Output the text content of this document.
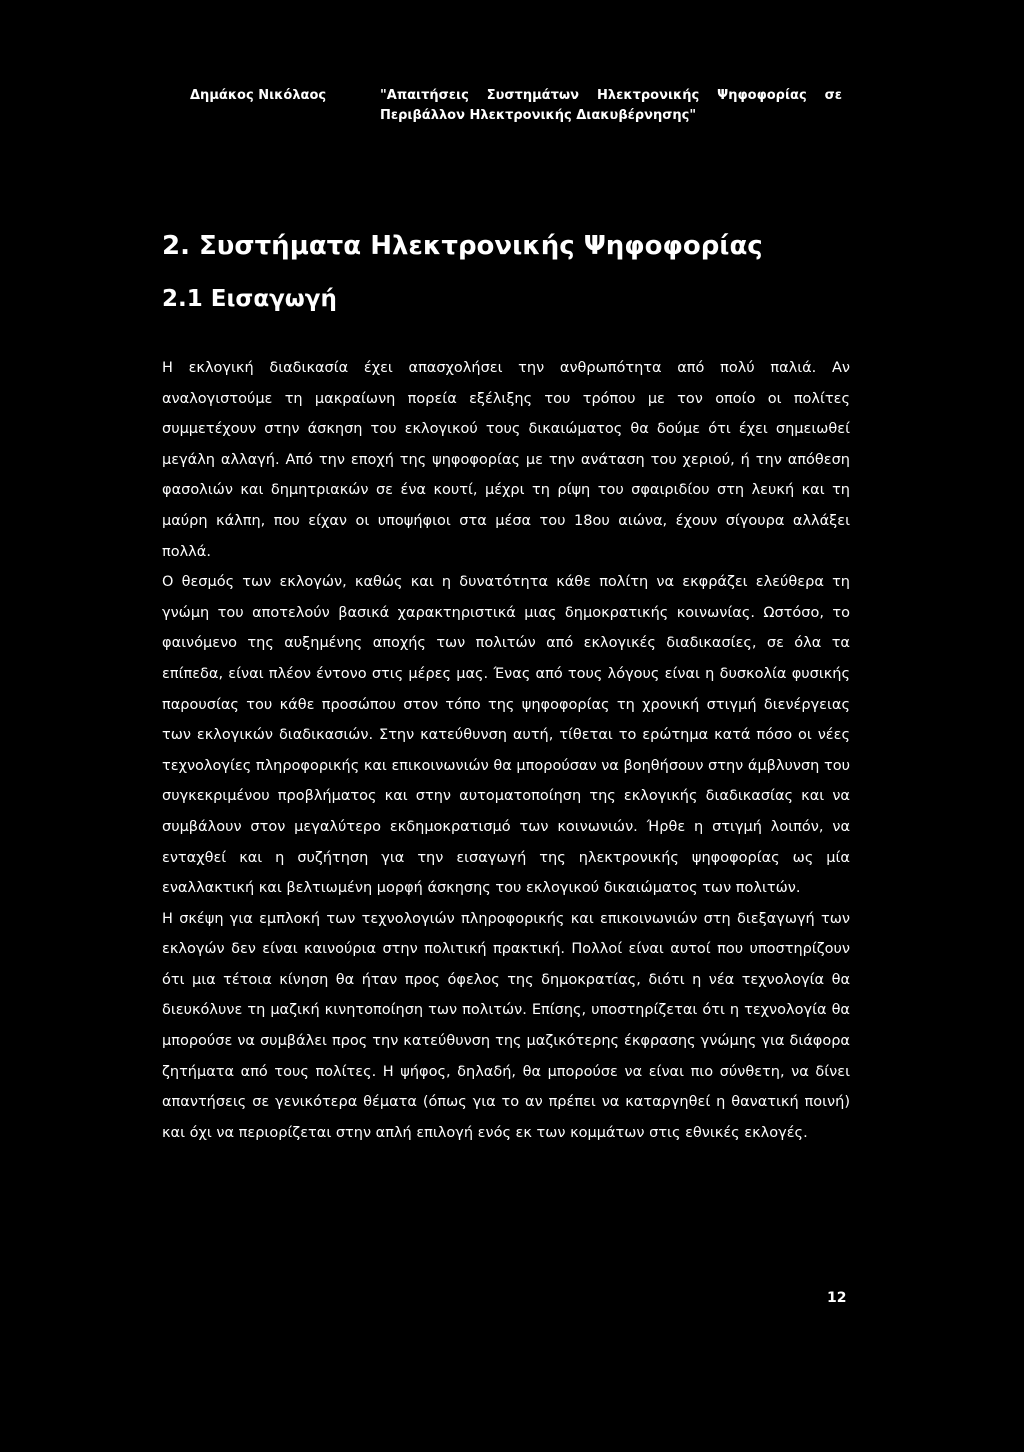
Δημάκος Νικόλαος	"Απαιτήσεις Συστημάτων Ηλεκτρονικής Ψηφοφορίας σε Περιβάλλον Ηλεκτρονικής Διακυβέρνησης"
2. Συστήματα Ηλεκτρονικής Ψηφοφορίας
2.1 Εισαγωγή

Η εκλογική διαδικασία έχει απασχολήσει την ανθρωπότητα από πολύ παλιά. Αν αναλογιστούμε τη μακραίωνη πορεία εξέλιξης του τρόπου με τον οποίο οι πολίτες συμμετέχουν στην άσκηση του εκλογικού τους δικαιώματος θα δούμε ότι έχει σημειωθεί μεγάλη αλλαγή. Από την εποχή της ψηφοφορίας με την ανάταση του χεριού, ή την απόθεση φασολιών και δημητριακών σε ένα κουτί, μέχρι τη ρίψη του σφαιριδίου στη λευκή και τη μαύρη κάλπη, που είχαν οι υποψήφιοι στα μέσα του 18ου αιώνα, έχουν σίγουρα αλλάξει πολλά.

Ο θεσμός των εκλογών, καθώς και η δυνατότητα κάθε πολίτη να εκφράζει ελεύθερα τη γνώμη του αποτελούν βασικά χαρακτηριστικά μιας δημοκρατικής κοινωνίας. Ωστόσο, το φαινόμενο της αυξημένης αποχής των πολιτών από εκλογικές διαδικασίες, σε όλα τα επίπεδα, είναι πλέον έντονο στις μέρες μας. Ένας από τους λόγους είναι η δυσκολία φυσικής παρουσίας του κάθε προσώπου στον τόπο της ψηφοφορίας τη χρονική στιγμή διενέργειας των εκλογικών διαδικασιών. Στην κατεύθυνση αυτή, τίθεται το ερώτημα κατά πόσο οι νέες τεχνολογίες πληροφορικής και επικοινωνιών θα μπορούσαν να βοηθήσουν στην άμβλυνση του συγκεκριμένου προβλήματος και στην αυτοματοποίηση της εκλογικής διαδικασίας και να συμβάλουν στον μεγαλύτερο εκδημοκρατισμό των κοινωνιών. Ήρθε η στιγμή λοιπόν, να ενταχθεί και η συζήτηση για την εισαγωγή της ηλεκτρονικής ψηφοφορίας ως μία εναλλακτική και βελτιωμένη μορφή άσκησης του εκλογικού δικαιώματος των πολιτών.

Η σκέψη για εμπλοκή των τεχνολογιών πληροφορικής και επικοινωνιών στη διεξαγωγή των εκλογών δεν είναι καινούρια στην πολιτική πρακτική. Πολλοί είναι αυτοί που υποστηρίζουν ότι μια τέτοια κίνηση θα ήταν προς όφελος της δημοκρατίας, διότι η νέα τεχνολογία θα διευκόλυνε τη μαζική κινητοποίηση των πολιτών. Επίσης, υποστηρίζεται ότι η τεχνολογία θα μπορούσε να συμβάλει προς την κατεύθυνση της μαζικότερης έκφρασης γνώμης για διάφορα ζητήματα από τους πολίτες. Η ψήφος, δηλαδή, θα μπορούσε να είναι πιο σύνθετη, να δίνει απαντήσεις σε γενικότερα θέματα (όπως για το αν πρέπει να καταργηθεί η θανατική ποινή) και όχι να περιορίζεται στην απλή επιλογή ενός εκ των κομμάτων στις εθνικές εκλογές.

12
